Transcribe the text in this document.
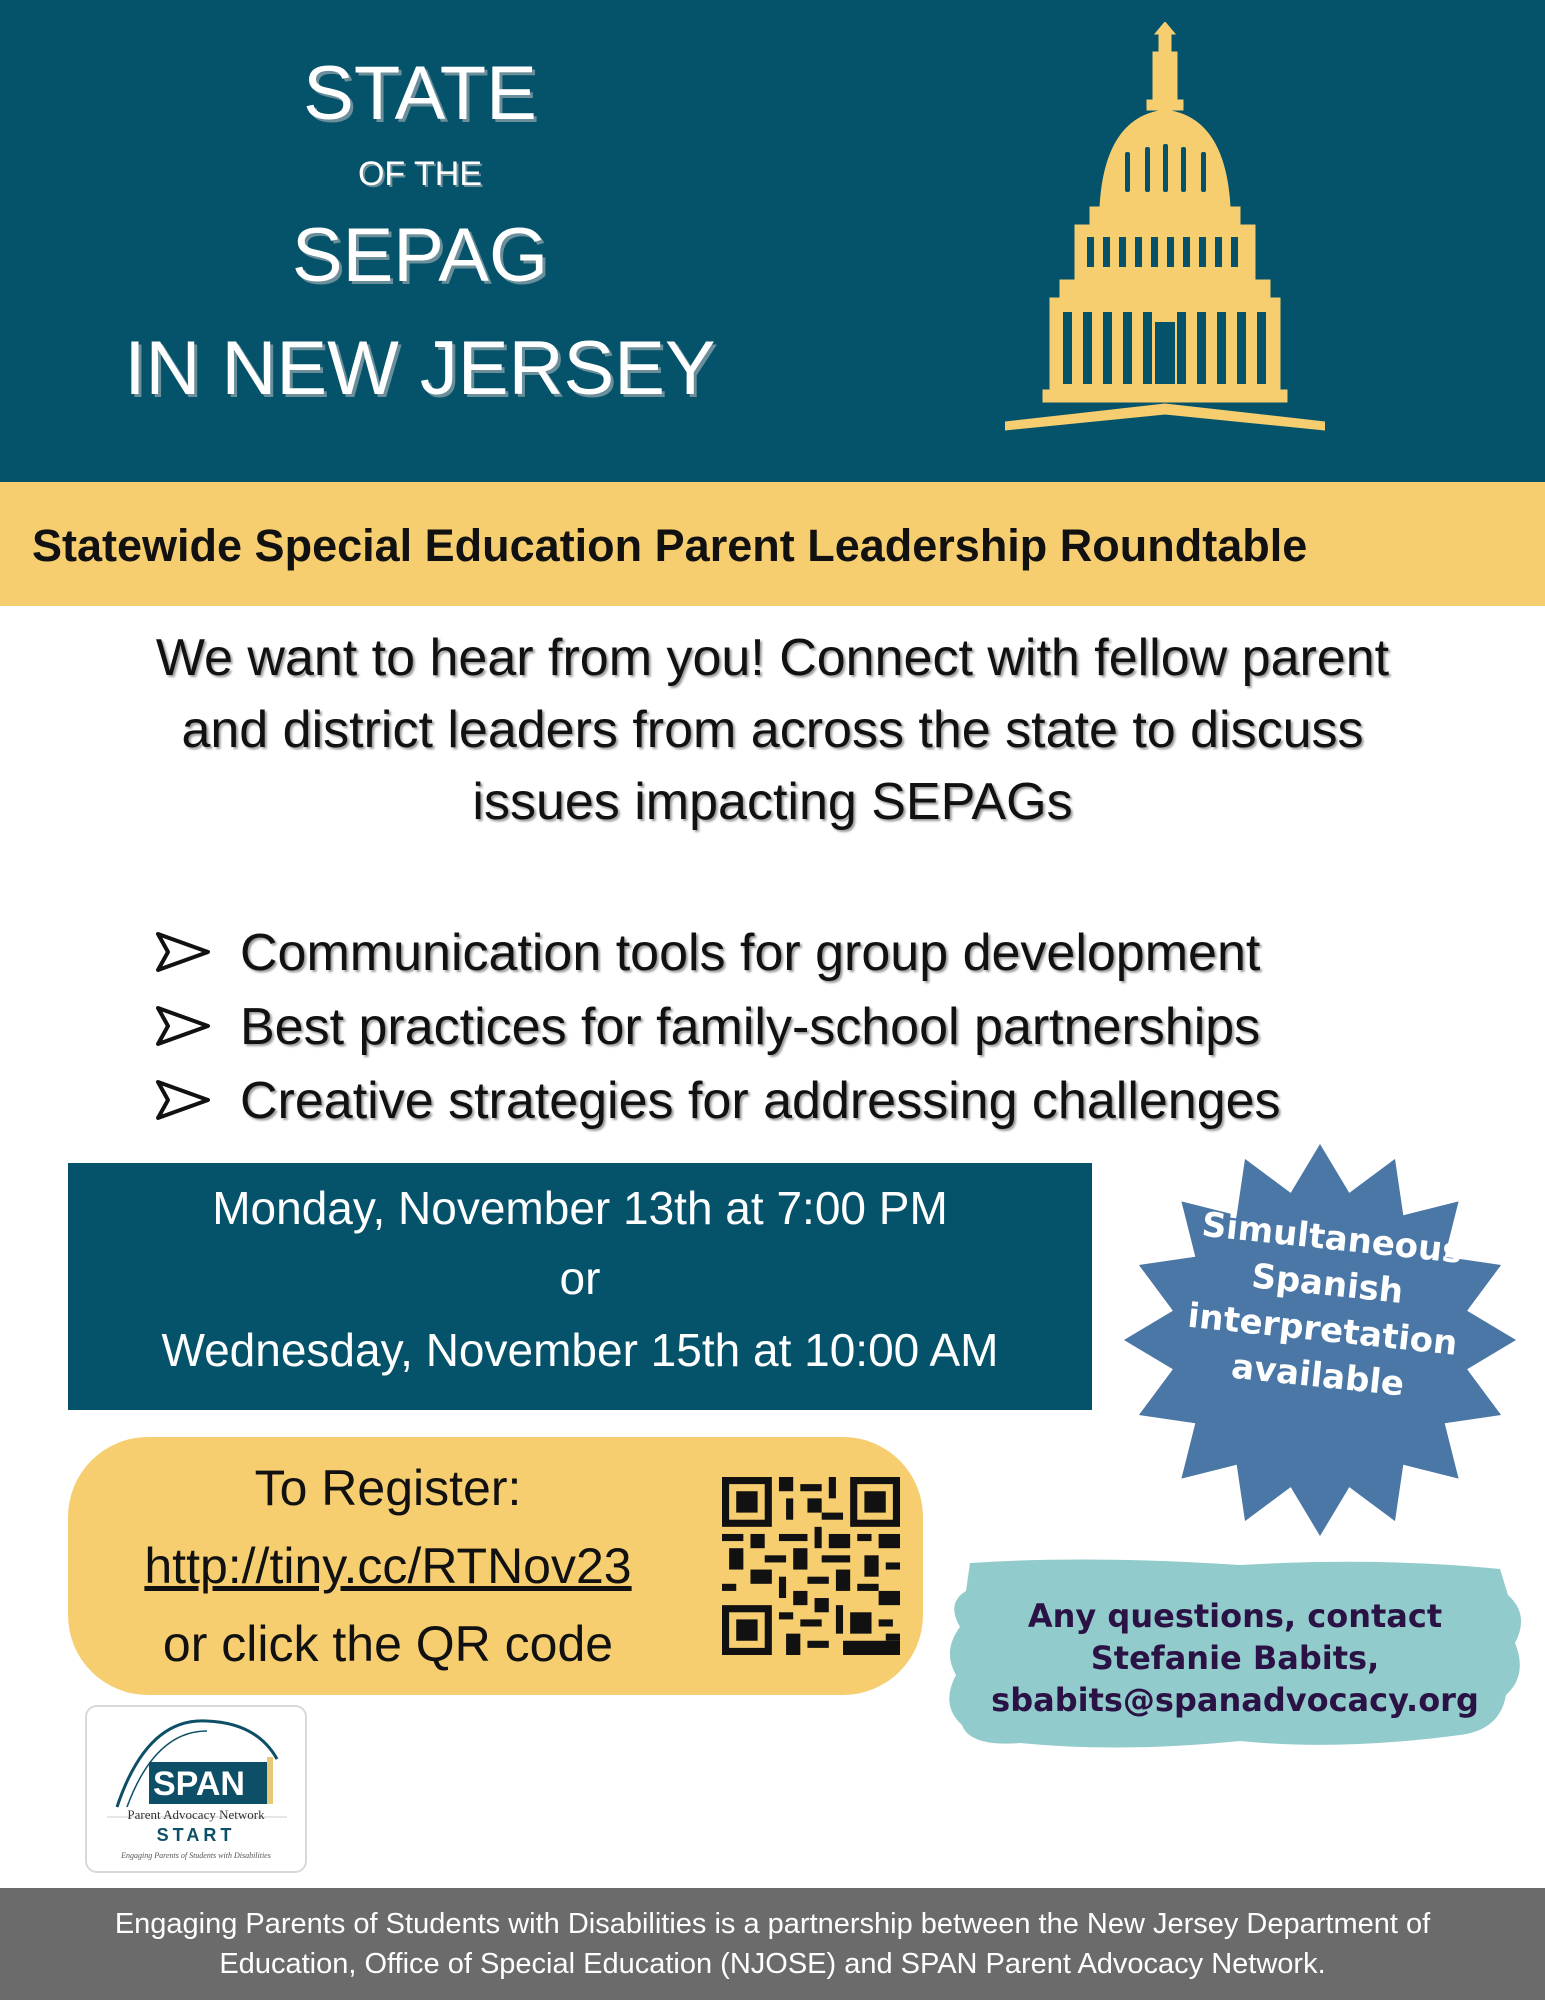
STATE
OF THE
SEPAG
IN NEW JERSEY
Statewide Special Education Parent Leadership Roundtable
We want to hear from you! Connect with fellow parent
and district leaders from across the state to discuss
issues impacting SEPAGs
Communication tools for group development
Best practices for family-school partnerships
Creative strategies for addressing challenges
Monday, November 13th at 7:00 PM
or
Wednesday, November 15th at 10:00 AM
Simultaneous
Spanish
interpretation
available
To Register:
http://tiny.cc/RTNov23
or click the QR code	Any questions, contact
Stefanie Babits,
sbabits@spanadvocacy.org
SPAN
Parent Advocacy Network
START
Engaging Parents of Students with Disabilities
Engaging Parents of Students with Disabilities is a partnership between the New Jersey Department of
Education, Office of Special Education (NJOSE) and SPAN Parent Advocacy Network.
